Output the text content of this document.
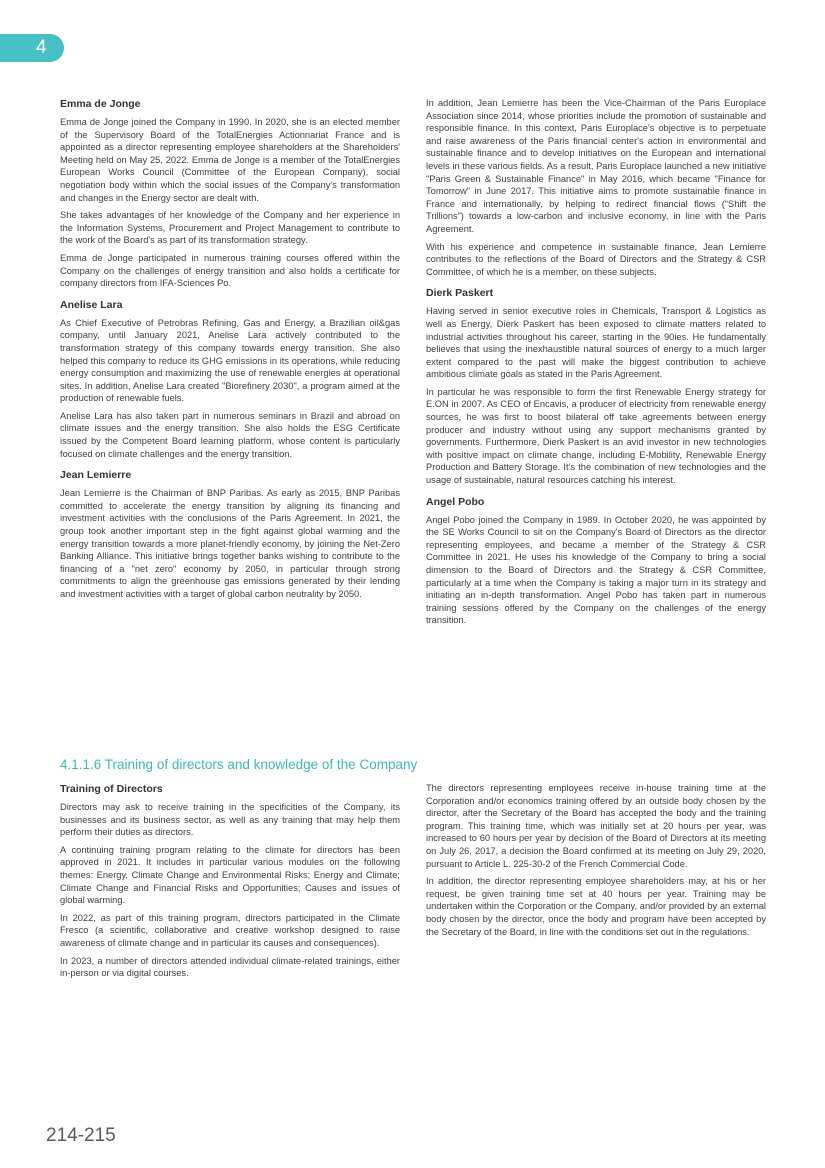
4
Emma de Jonge

Emma de Jonge joined the Company in 1990. In 2020, she is an elected member of the Supervisory Board of the TotalEnergies Actionnariat France and is appointed as a director representing employee shareholders at the Shareholders' Meeting held on May 25, 2022. Emma de Jonge is a member of the TotalEnergies European Works Council (Committee of the European Company), social negotiation body within which the social issues of the Company's transformation and changes in the Energy sector are dealt with.

She takes advantages of her knowledge of the Company and her experience in the Information Systems, Procurement and Project Management to contribute to the work of the Board's as part of its transformation strategy.

Emma de Jonge participated in numerous training courses offered within the Company on the challenges of energy transition and also holds a certificate for company directors from IFA-Sciences Po.

Anelise Lara

As Chief Executive of Petrobras Refining, Gas and Energy, a Brazilian oil&gas company, until January 2021, Anelise Lara actively contributed to the transformation strategy of this company towards energy transition. She also helped this company to reduce its GHG emissions in its operations, while reducing energy consumption and maximizing the use of renewable energies at operational sites. In addition, Anelise Lara created "Biorefinery 2030", a program aimed at the production of renewable fuels.

Anelise Lara has also taken part in numerous seminars in Brazil and abroad on climate issues and the energy transition. She also holds the ESG Certificate issued by the Competent Board learning platform, whose content is particularly focused on climate challenges and the energy transition.

Jean Lemierre

Jean Lemierre is the Chairman of BNP Paribas. As early as 2015, BNP Paribas committed to accelerate the energy transition by aligning its financing and investment activities with the conclusions of the Paris Agreement. In 2021, the group took another important step in the fight against global warming and the energy transition towards a more planet-friendly economy, by joining the Net-Zero Banking Alliance. This initiative brings together banks wishing to contribute to the financing of a "net zero" economy by 2050, in particular through strong commitments to align the greenhouse gas emissions generated by their lending and investment activities with a target of global carbon neutrality by 2050.

In addition, Jean Lemierre has been the Vice-Chairman of the Paris Europlace Association since 2014, whose priorities include the promotion of sustainable and responsible finance. In this context, Paris Europlace's objective is to perpetuate and raise awareness of the Paris financial center's action in environmental and sustainable finance and to develop initiatives on the European and international levels in these various fields. As a result, Paris Europlace launched a new initiative "Paris Green & Sustainable Finance" in May 2016, which became "Finance for Tomorrow" in June 2017. This initiative aims to promote sustainable finance in France and internationally, by helping to redirect financial flows (“Shift the Trillions”) towards a low-carbon and inclusive economy, in line with the Paris Agreement.

With his experience and competence in sustainable finance, Jean Lemierre contributes to the reflections of the Board of Directors and the Strategy & CSR Committee, of which he is a member, on these subjects.

Dierk Paskert

Having served in senior executive roles in Chemicals, Transport & Logistics as well as Energy, Dierk Paskert has been exposed to climate matters related to industrial activities throughout his career, starting in the 90ies. He fundamentally believes that using the inexhaustible natural sources of energy to a much larger extent compared to the past will make the biggest contribution to achieve ambitious climate goals as stated in the Paris Agreement.

In particular he was responsible to form the first Renewable Energy strategy for E.ON in 2007. As CEO of Encavis, a producer of electricity from renewable energy sources, he was first to boost bilateral off take agreements between energy producer and industry without using any support mechanisms granted by governments. Furthermore, Dierk Paskert is an avid investor in new technologies with positive impact on climate change, including E-Mobility, Renewable Energy Production and Battery Storage. It's the combination of new technologies and the usage of sustainable, natural resources catching his interest.

Angel Pobo

Angel Pobo joined the Company in 1989. In October 2020, he was appointed by the SE Works Council to sit on the Company's Board of Directors as the director representing employees, and became a member of the Strategy & CSR Committee in 2021. He uses his knowledge of the Company to bring a social dimension to the Board of Directors and the Strategy & CSR Committee, particularly at a time when the Company is taking a major turn in its strategy and initiating an in-depth transformation. Angel Pobo has taken part in numerous training sessions offered by the Company on the challenges of the energy transition.

4.1.1.6 Training of directors and knowledge of the Company
Training of Directors

Directors may ask to receive training in the specificities of the Company, its businesses and its business sector, as well as any training that may help them perform their duties as directors.

A continuing training program relating to the climate for directors has been approved in 2021. It includes in particular various modules on the following themes: Energy, Climate Change and Environmental Risks; Energy and Climate; Climate Change and Financial Risks and Opportunities; Causes and issues of global warming.

In 2022, as part of this training program, directors participated in the Climate Fresco (a scientific, collaborative and creative workshop designed to raise awareness of climate change and in particular its causes and consequences).

In 2023, a number of directors attended individual climate-related trainings, either in-person or via digital courses.

The directors representing employees receive in-house training time at the Corporation and/or economics training offered by an outside body chosen by the director, after the Secretary of the Board has accepted the body and the training program. This training time, which was initially set at 20 hours per year, was increased to 60 hours per year by decision of the Board of Directors at its meeting on July 26, 2017, a decision the Board confirmed at its meeting on July 29, 2020, pursuant to Article L. 225-30-2 of the French Commercial Code.

In addition, the director representing employee shareholders may, at his or her request, be given training time set at 40 hours per year. Training may be undertaken within the Corporation or the Company, and/or provided by an external body chosen by the director, once the body and program have been accepted by the Secretary of the Board, in line with the conditions set out in the regulations.

214-215
